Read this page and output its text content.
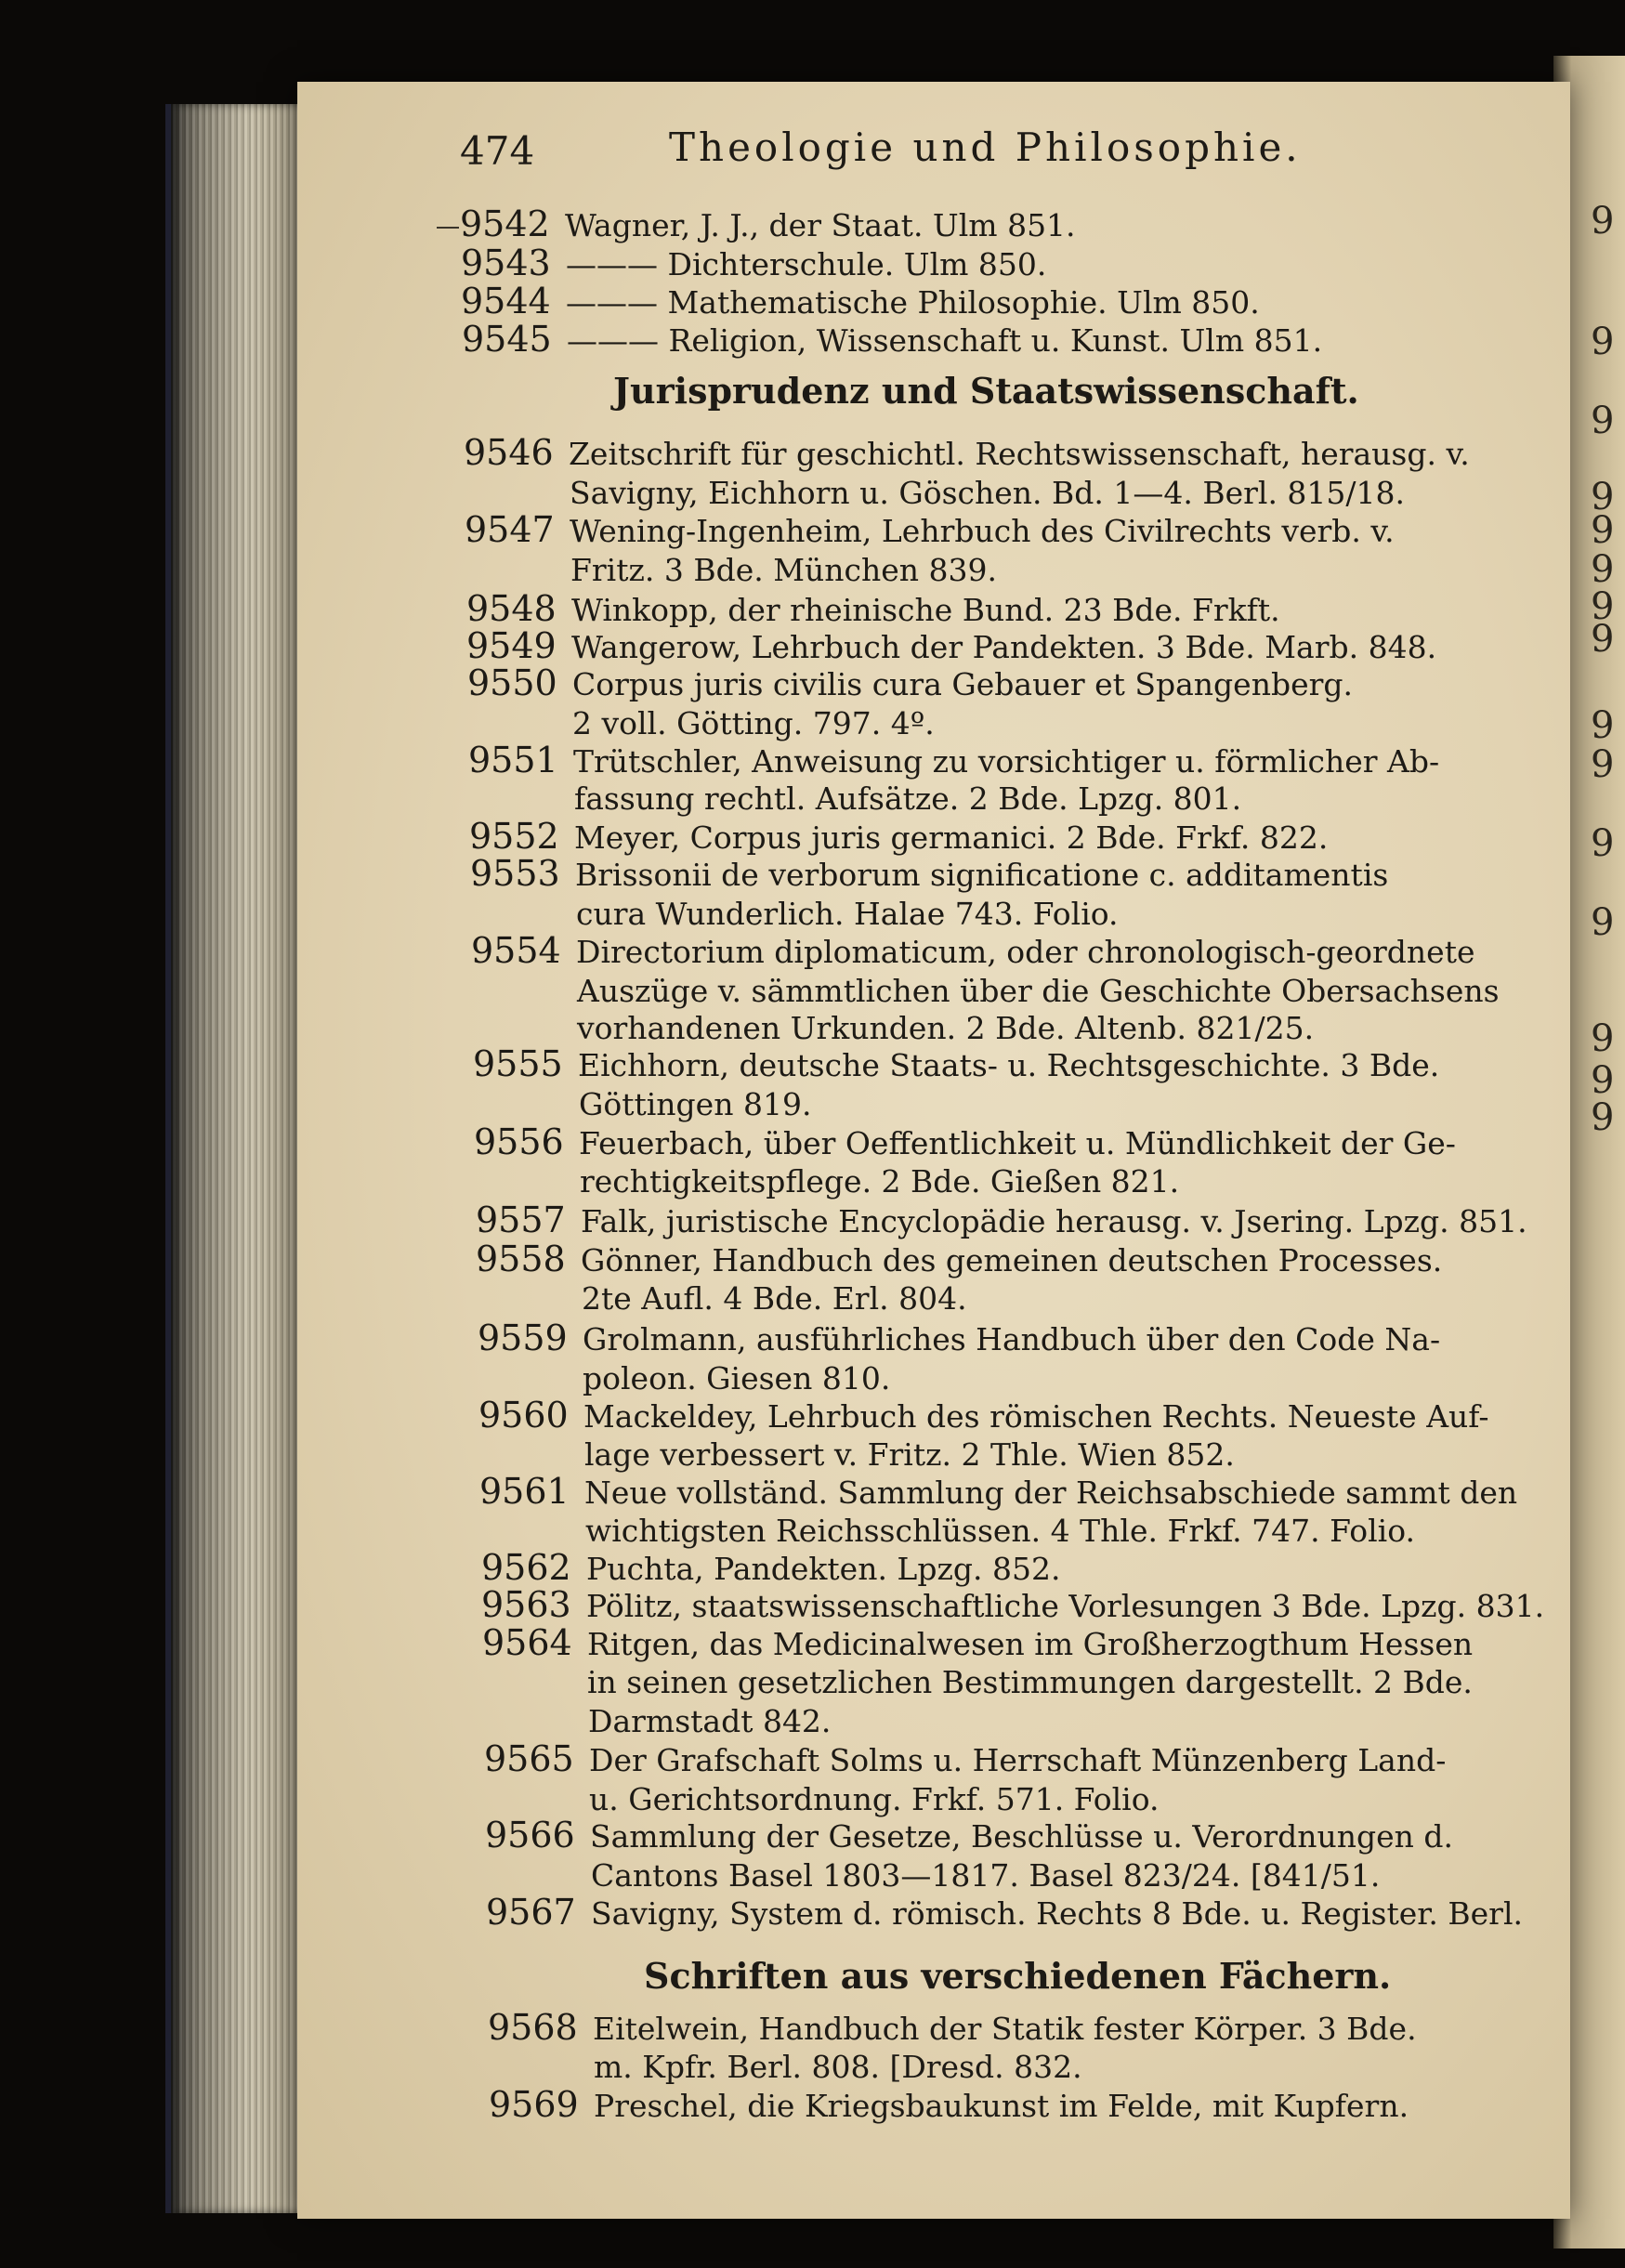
9
9
9
9
9
9
9
9
9
9
9
9
9
9
9
474	Theologie und Philosophie.
9542 Wagner, J. J., der Staat. Ulm 851.
9543 ——— Dichterschule. Ulm 850.
9544 ——— Mathematische Philosophie. Ulm 850.
9545 ——— Religion, Wissenschaft u. Kunst. Ulm 851.
Jurisprudenz und Staatswissenschaft.
9546 Zeitschrift für geschichtl. Rechtswissenschaft, herausg. v.
Savigny, Eichhorn u. Göschen. Bd. 1—4. Berl. 815/18.
9547 Wening-Ingenheim, Lehrbuch des Civilrechts verb. v.
Fritz. 3 Bde. München 839.
9548 Winkopp, der rheinische Bund. 23 Bde. Frkft.
9549 Wangerow, Lehrbuch der Pandekten. 3 Bde. Marb. 848.
9550 Corpus juris civilis cura Gebauer et Spangenberg.
2 voll. Götting. 797. 4º.
9551 Trütschler, Anweisung zu vorsichtiger u. förmlicher Ab-
fassung rechtl. Aufsätze. 2 Bde. Lpzg. 801.
9552 Meyer, Corpus juris germanici. 2 Bde. Frkf. 822.
9553 Brissonii de verborum significatione c. additamentis
cura Wunderlich. Halae 743. Folio.
9554 Directorium diplomaticum, oder chronologisch-geordnete
Auszüge v. sämmtlichen über die Geschichte Obersachsens
vorhandenen Urkunden. 2 Bde. Altenb. 821/25.
9555 Eichhorn, deutsche Staats- u. Rechtsgeschichte. 3 Bde.
Göttingen 819.
9556 Feuerbach, über Oeffentlichkeit u. Mündlichkeit der Ge-
rechtigkeitspflege. 2 Bde. Gießen 821.
9557 Falk, juristische Encyclopädie herausg. v. Jsering. Lpzg. 851.
9558 Gönner, Handbuch des gemeinen deutschen Processes.
2te Aufl. 4 Bde. Erl. 804.
9559 Grolmann, ausführliches Handbuch über den Code Na-
poleon. Giesen 810.
9560 Mackeldey, Lehrbuch des römischen Rechts. Neueste Auf-
lage verbessert v. Fritz. 2 Thle. Wien 852.
9561 Neue vollständ. Sammlung der Reichsabschiede sammt den
wichtigsten Reichsschlüssen. 4 Thle. Frkf. 747. Folio.
9562 Puchta, Pandekten. Lpzg. 852.
9563 Pölitz, staatswissenschaftliche Vorlesungen 3 Bde. Lpzg. 831.
9564 Ritgen, das Medicinalwesen im Großherzogthum Hessen
in seinen gesetzlichen Bestimmungen dargestellt. 2 Bde.
Darmstadt 842.
9565 Der Grafschaft Solms u. Herrschaft Münzenberg Land-
u. Gerichtsordnung. Frkf. 571. Folio.
9566 Sammlung der Gesetze, Beschlüsse u. Verordnungen d.
Cantons Basel 1803—1817. Basel 823/24. [841/51.
9567 Savigny, System d. römisch. Rechts 8 Bde. u. Register. Berl.
Schriften aus verschiedenen Fächern.
9568 Eitelwein, Handbuch der Statik fester Körper. 3 Bde.
m. Kpfr. Berl. 808. [Dresd. 832.
9569 Preschel, die Kriegsbaukunst im Felde, mit Kupfern.
